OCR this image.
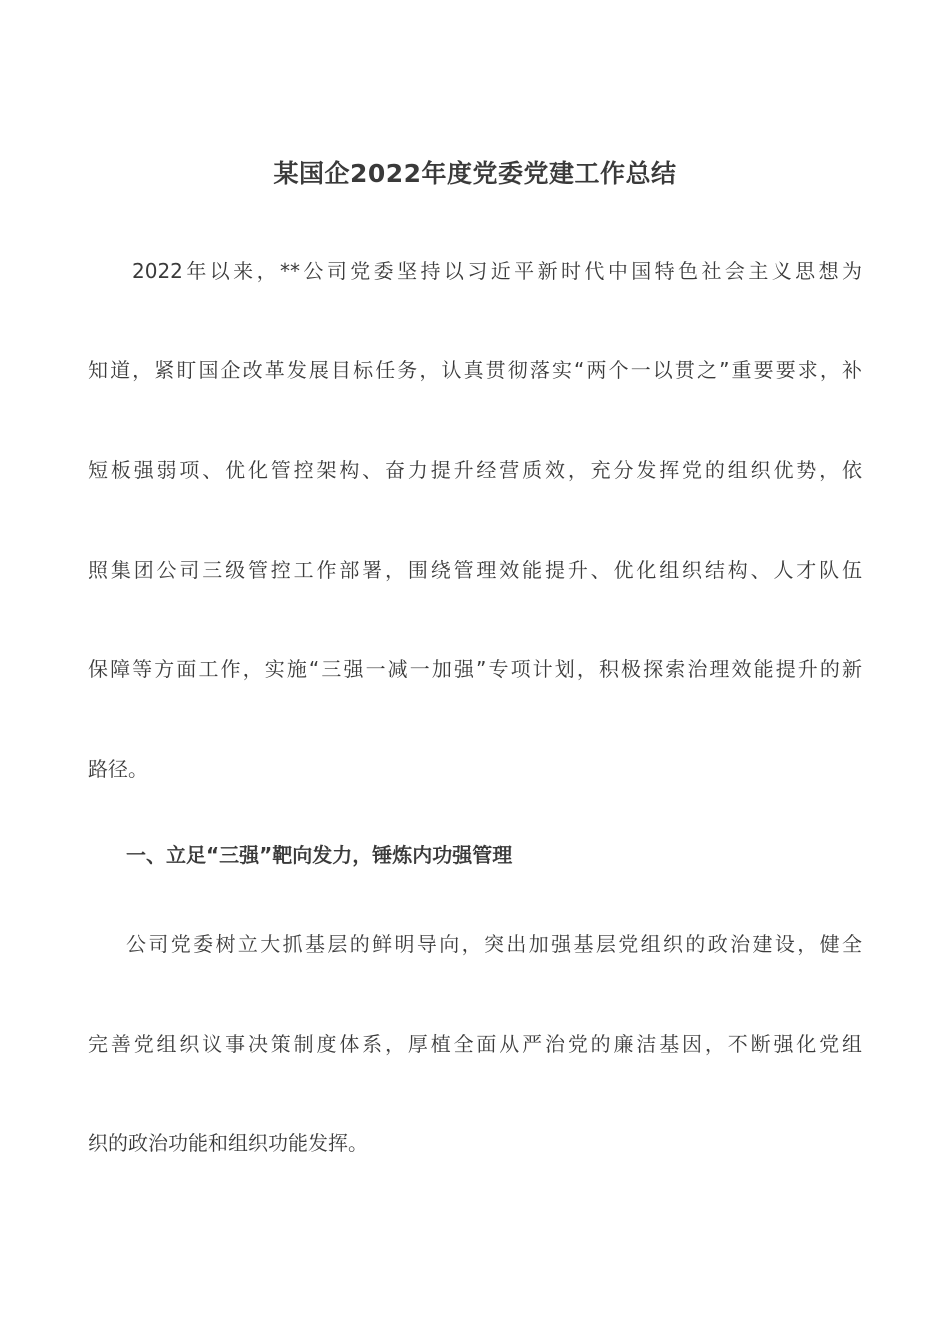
某国企2022年度党委党建工作总结
2022年以来，**公司党委坚持以习近平新时代中国特色社会主义思想为
知道，紧盯国企改革发展目标任务，认真贯彻落实“两个一以贯之”重要要求，补
短板强弱项、优化管控架构、奋力提升经营质效，充分发挥党的组织优势，依
照集团公司三级管控工作部署，围绕管理效能提升、优化组织结构、人才队伍
保障等方面工作，实施“三强一减一加强”专项计划，积极探索治理效能提升的新
路径。
一、立足“三强”靶向发力，锤炼内功强管理
公司党委树立大抓基层的鲜明导向，突出加强基层党组织的政治建设，健全
完善党组织议事决策制度体系，厚植全面从严治党的廉洁基因，不断强化党组
织的政治功能和组织功能发挥。
